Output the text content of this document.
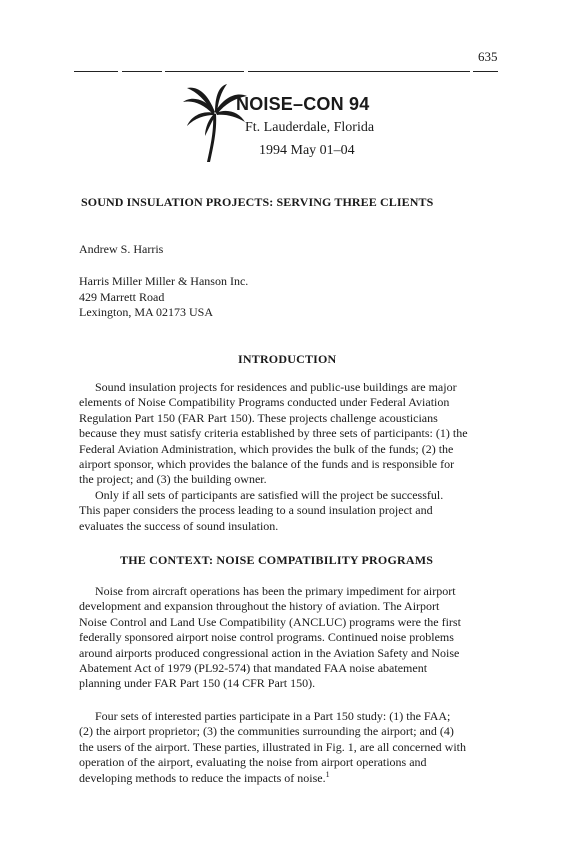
635
NOISE–CON 94
Ft. Lauderdale, Florida
1994 May 01–04
SOUND INSULATION PROJECTS: SERVING THREE CLIENTS
Andrew S. Harris
Harris Miller Miller & Hanson Inc.
429 Marrett Road
Lexington, MA 02173 USA
INTRODUCTION
Sound insulation projects for residences and public-use buildings are major
elements of Noise Compatibility Programs conducted under Federal Aviation
Regulation Part 150 (FAR Part 150). These projects challenge acousticians
because they must satisfy criteria established by three sets of participants: (1) the
Federal Aviation Administration, which provides the bulk of the funds; (2) the
airport sponsor, which provides the balance of the funds and is responsible for
the project; and (3) the building owner.
Only if all sets of participants are satisfied will the project be successful.
This paper considers the process leading to a sound insulation project and
evaluates the success of sound insulation.
THE CONTEXT: NOISE COMPATIBILITY PROGRAMS
Noise from aircraft operations has been the primary impediment for airport
development and expansion throughout the history of aviation. The Airport
Noise Control and Land Use Compatibility (ANCLUC) programs were the first
federally sponsored airport noise control programs. Continued noise problems
around airports produced congressional action in the Aviation Safety and Noise
Abatement Act of 1979 (PL92-574) that mandated FAA noise abatement
planning under FAR Part 150 (14 CFR Part 150).
Four sets of interested parties participate in a Part 150 study: (1) the FAA;
(2) the airport proprietor; (3) the communities surrounding the airport; and (4)
the users of the airport. These parties, illustrated in Fig. 1, are all concerned with
operation of the airport, evaluating the noise from airport operations and
developing methods to reduce the impacts of noise.$^1$
